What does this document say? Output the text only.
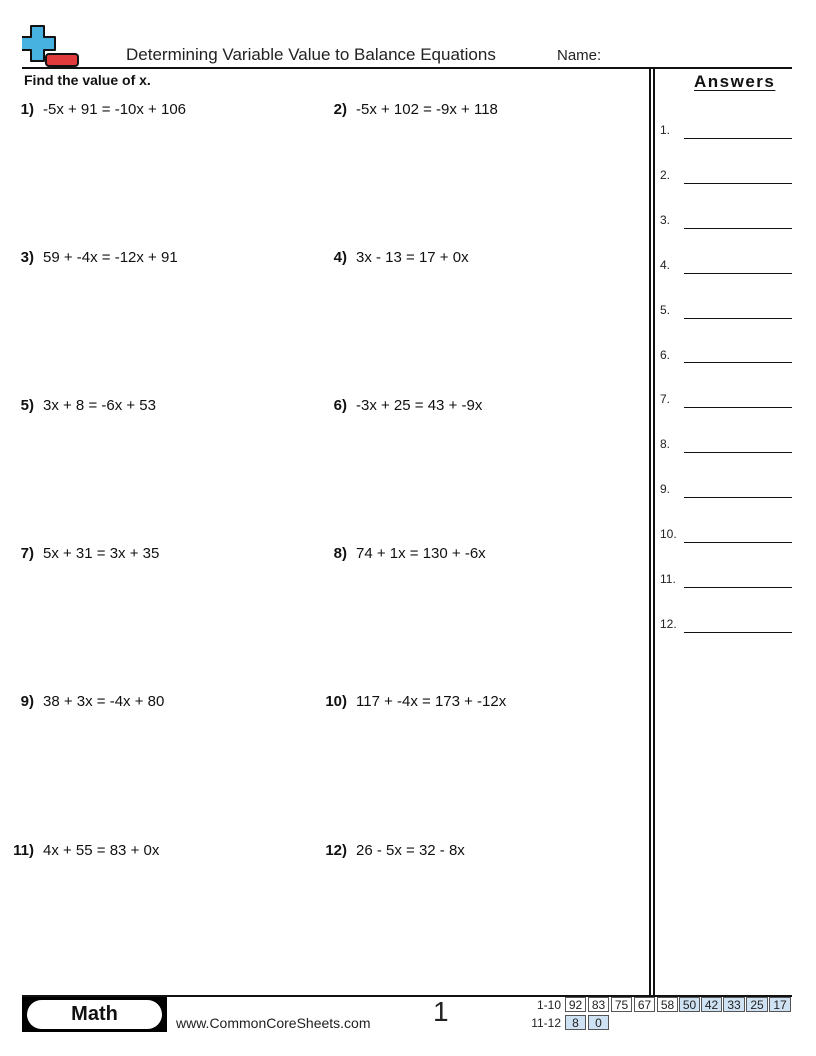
Determining Variable Value to Balance Equations	Name:
Find the value of x.
1) -5x + 91 = -10x + 106	2) -5x + 102 = -9x + 118
3) 59 + -4x = -12x + 91	4) 3x - 13 = 17 + 0x
5) 3x + 8 = -6x + 53	6) -3x + 25 = 43 + -9x
7) 5x + 31 = 3x + 35	8) 74 + 1x = 130 + -6x
9) 38 + 3x = -4x + 80	10) 117 + -4x = 173 + -12x
11) 4x + 55 = 83 + 0x	12) 26 - 5x = 32 - 8x
Answers
1.
2.
3.
4.
5.
6.
7.
8.
9.
10.
11.
12.
Math	www.CommonCoreSheets.com 1	1-10 92 83 75 67 58 50 42 33 25 17
11-12 8	0
